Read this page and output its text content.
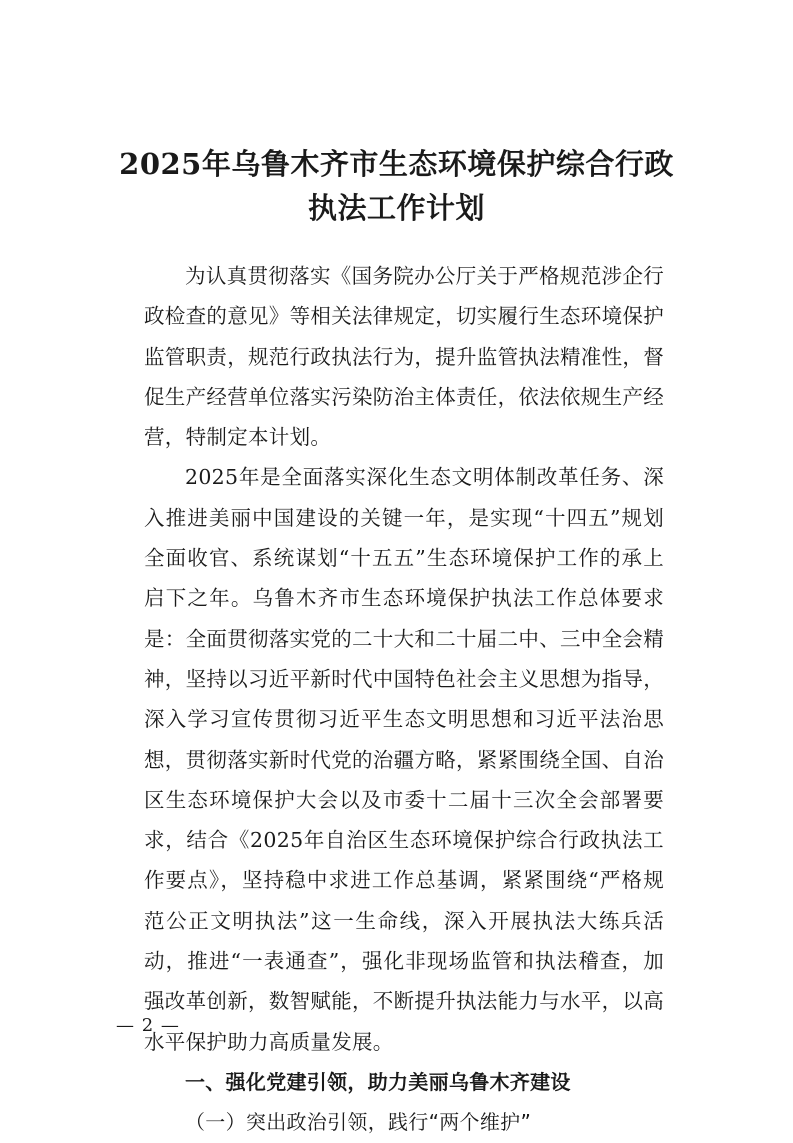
2025年乌鲁木齐市生态环境保护综合行政
执法工作计划

为认真贯彻落实《国务院办公厅关于严格规范涉企行政检查的意见》等相关法律规定，切实履行生态环境保护监管职责，规范行政执法行为，提升监管执法精准性，督促生产经营单位落实污染防治主体责任，依法依规生产经营，特制定本计划。

2025年是全面落实深化生态文明体制改革任务、深入推进美丽中国建设的关键一年，是实现“十四五”规划全面收官、系统谋划“十五五”生态环境保护工作的承上启下之年。乌鲁木齐市生态环境保护执法工作总体要求是：全面贯彻落实党的二十大和二十届二中、三中全会精神，坚持以习近平新时代中国特色社会主义思想为指导，深入学习宣传贯彻习近平生态文明思想和习近平法治思想，贯彻落实新时代党的治疆方略，紧紧围绕全国、自治区生态环境保护大会以及市委十二届十三次全会部署要求，结合《2025年自治区生态环境保护综合行政执法工作要点》，坚持稳中求进工作总基调，紧紧围绕“严格规范公正文明执法”这一生命线，深入开展执法大练兵活动，推进“一表通查”，强化非现场监管和执法稽查，加强改革创新，数智赋能，不断提升执法能力与水平，以高水平保护助力高质量发展。

一、强化党建引领，助力美丽乌鲁木齐建设

（一）突出政治引领，践行“两个维护”

— 2 —
